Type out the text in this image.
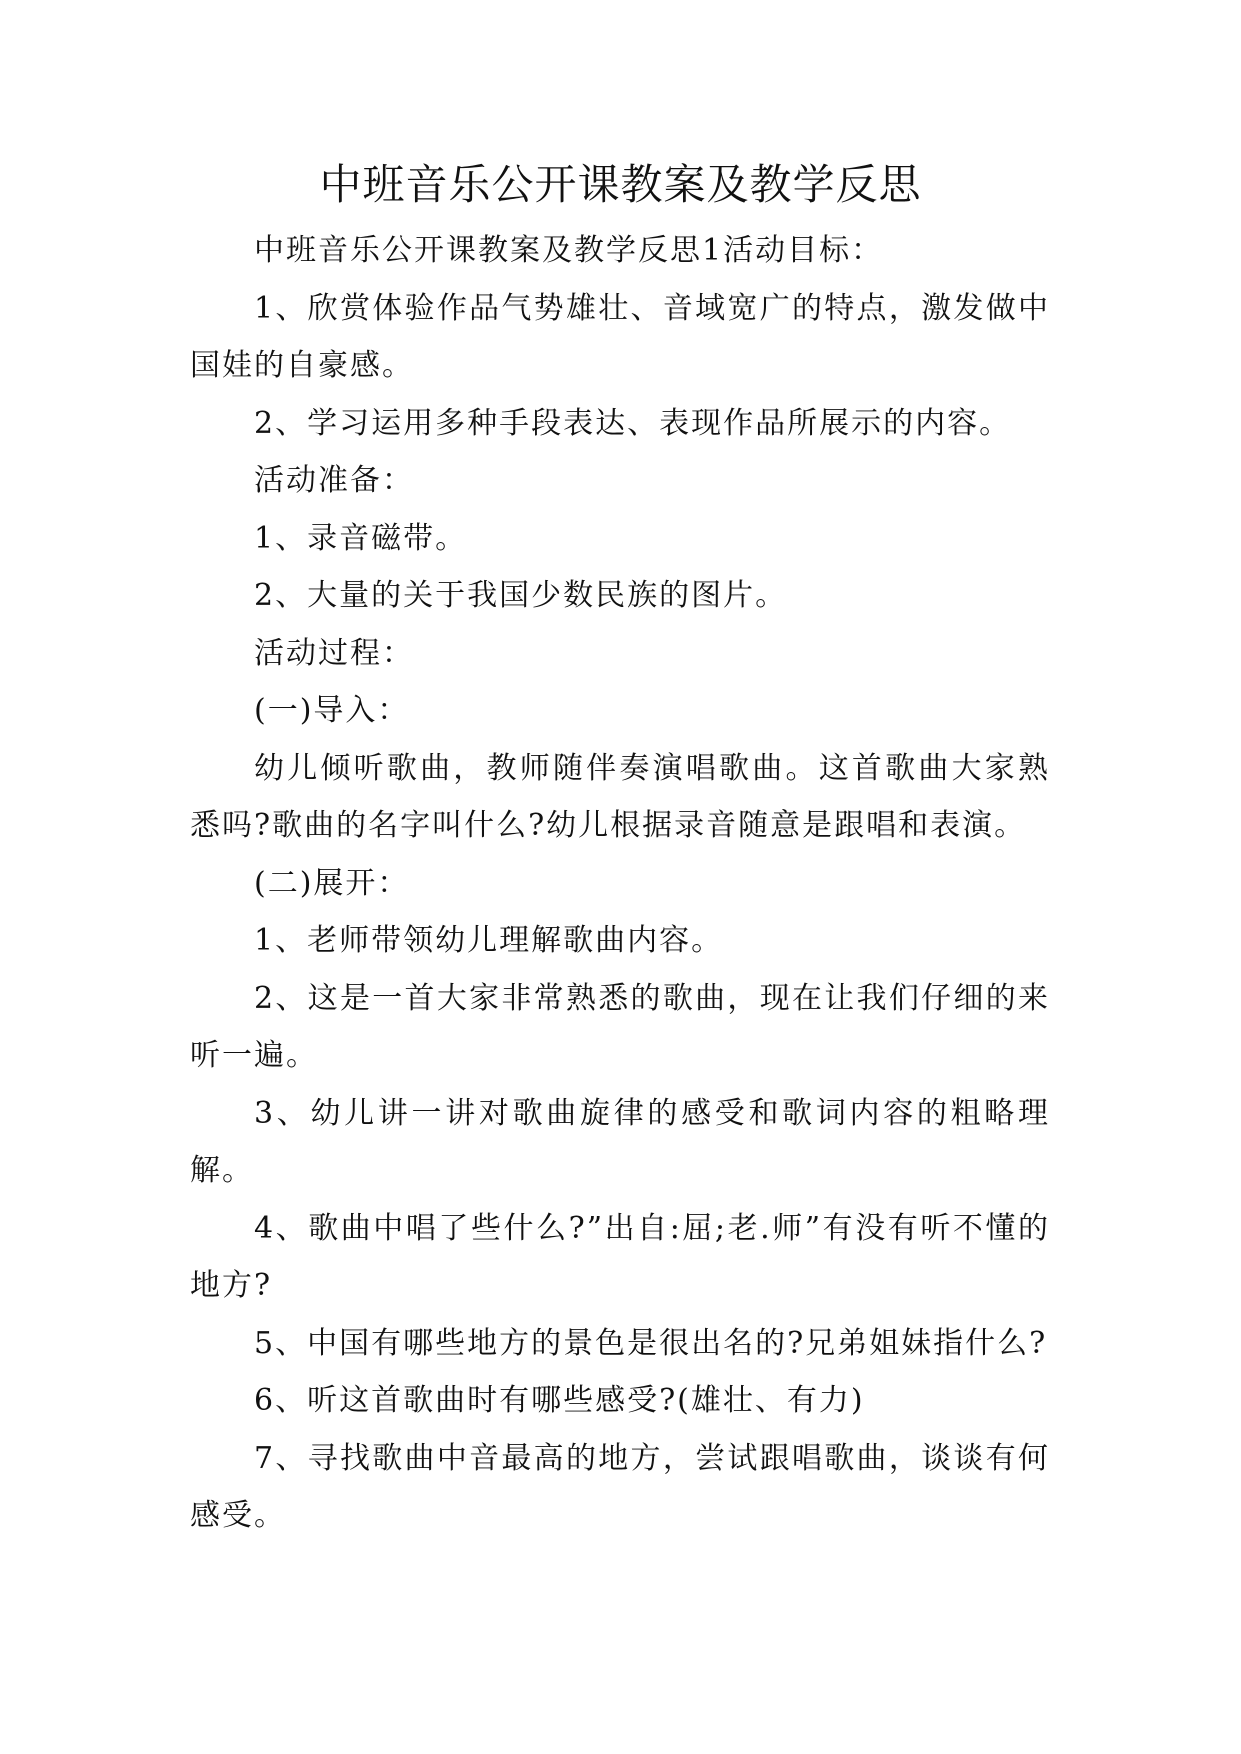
中班音乐公开课教案及教学反思

中班音乐公开课教案及教学反思1活动目标：

1、欣赏体验作品气势雄壮、音域宽广的特点，激发做中国娃的自豪感。

2、学习运用多种手段表达、表现作品所展示的内容。

活动准备：

1、录音磁带。

2、大量的关于我国少数民族的图片。

活动过程：

(一)导入：

幼儿倾听歌曲，教师随伴奏演唱歌曲。这首歌曲大家熟悉吗?歌曲的名字叫什么?幼儿根据录音随意是跟唱和表演。

(二)展开：

1、老师带领幼儿理解歌曲内容。

2、这是一首大家非常熟悉的歌曲，现在让我们仔细的来听一遍。

3、幼儿讲一讲对歌曲旋律的感受和歌词内容的粗略理解。

4、歌曲中唱了些什么?”出自:屈;老.师”有没有听不懂的地方?

5、中国有哪些地方的景色是很出名的?兄弟姐妹指什么?

6、听这首歌曲时有哪些感受?(雄壮、有力)

7、寻找歌曲中音最高的地方，尝试跟唱歌曲，谈谈有何感受。
